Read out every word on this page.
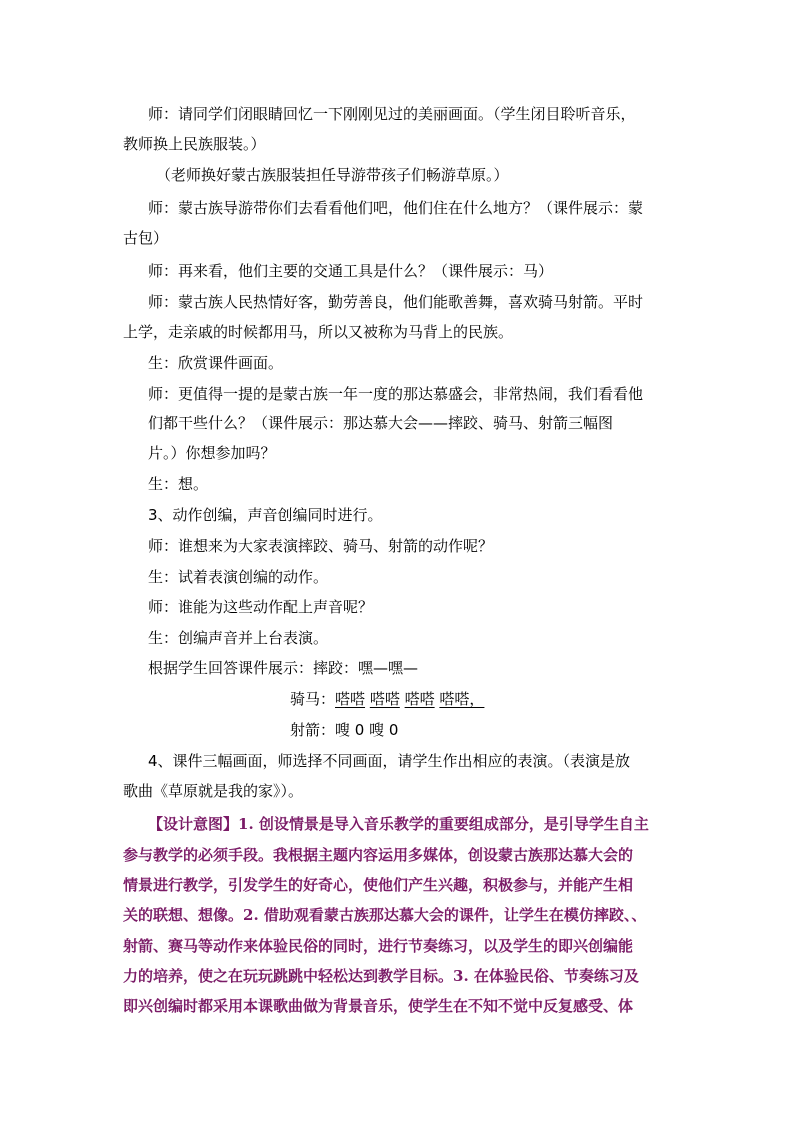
师：请同学们闭眼睛回忆一下刚刚见过的美丽画面。（学生闭目聆听音乐，
教师换上民族服装。）
（老师换好蒙古族服装担任导游带孩子们畅游草原。）
师：蒙古族导游带你们去看看他们吧，他们住在什么地方？（课件展示：蒙
古包）
师：再来看，他们主要的交通工具是什么？（课件展示：马）
师：蒙古族人民热情好客，勤劳善良，他们能歌善舞，喜欢骑马射箭。平时
上学，走亲戚的时候都用马，所以又被称为马背上的民族。
生：欣赏课件画面。
师：更值得一提的是蒙古族一年一度的那达慕盛会，非常热闹，我们看看他
们都干些什么？（课件展示：那达慕大会——摔跤、骑马、射箭三幅图
片。）你想参加吗？
生：想。
3、动作创编，声音创编同时进行。
师：谁想来为大家表演摔跤、骑马、射箭的动作呢？
生：试着表演创编的动作。
师：谁能为这些动作配上声音呢？
生：创编声音并上台表演。
根据学生回答课件展示：摔跤：嘿—嘿—
骑马：嗒嗒 嗒嗒 嗒嗒 嗒嗒，
射箭：嗖 0 嗖 0
4、课件三幅画面，师选择不同画面，请学生作出相应的表演。（表演是放
歌曲《草原就是我的家》）。
【设计意图】1. 创设情景是导入音乐教学的重要组成部分，是引导学生自主
参与教学的必须手段。我根据主题内容运用多媒体，创设蒙古族那达慕大会的
情景进行教学，引发学生的好奇心，使他们产生兴趣，积极参与，并能产生相
关的联想、想像。2. 借助观看蒙古族那达慕大会的课件，让学生在模仿摔跤、、
射箭、赛马等动作来体验民俗的同时，进行节奏练习，以及学生的即兴创编能
力的培养，使之在玩玩跳跳中轻松达到教学目标。3. 在体验民俗、节奏练习及
即兴创编时都采用本课歌曲做为背景音乐，使学生在不知不觉中反复感受、体
